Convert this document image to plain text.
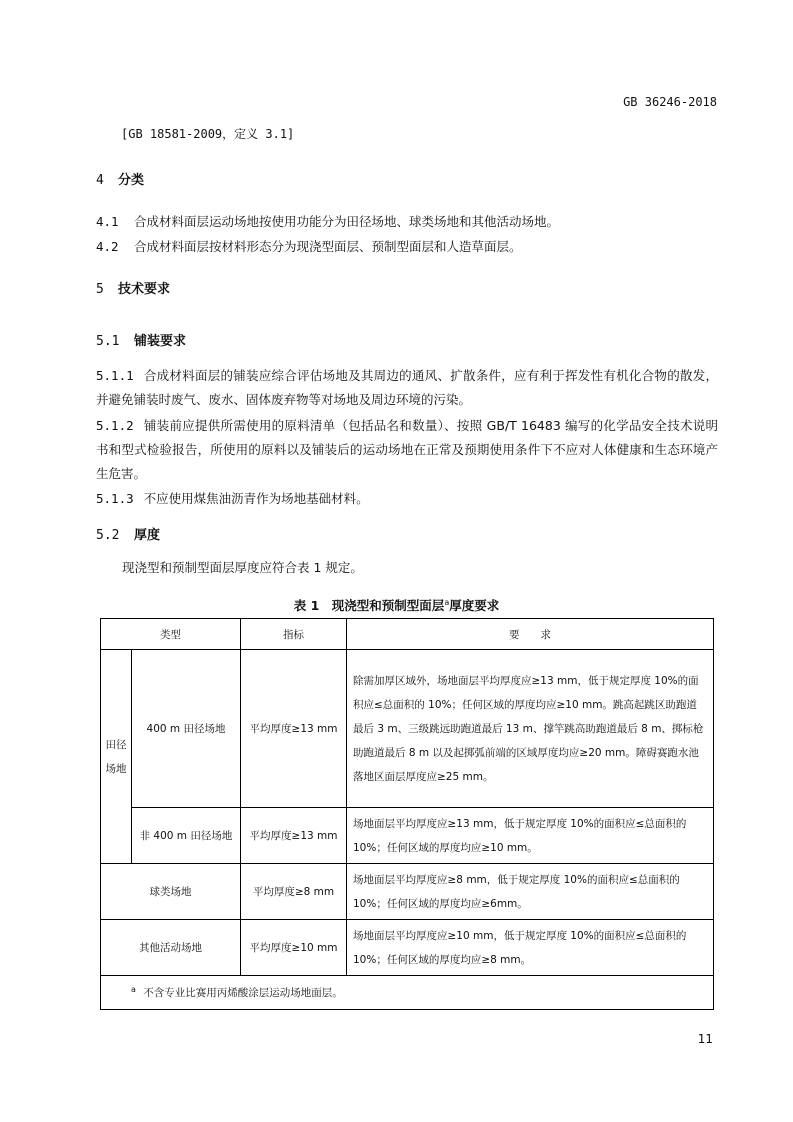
GB 36246-2018
[GB 18581-2009，定义 3.1]
4 分类
4.1 合成材料面层运动场地按使用功能分为田径场地、球类场地和其他活动场地。
4.2 合成材料面层按材料形态分为现浇型面层、预制型面层和人造草面层。
5 技术要求
5.1 铺装要求
5.1.1 合成材料面层的铺装应综合评估场地及其周边的通风、扩散条件，应有利于挥发性有机化合物的散发，并避免铺装时废气、废水、固体废弃物等对场地及周边环境的污染。
5.1.2 铺装前应提供所需使用的原料清单（包括品名和数量）、按照 GB/T 16483 编写的化学品安全技术说明书和型式检验报告，所使用的原料以及铺装后的运动场地在正常及预期使用条件下不应对人体健康和生态环境产生危害。
5.1.3 不应使用煤焦油沥青作为场地基础材料。
5.2 厚度
现浇型和预制型面层厚度应符合表 1 规定。
表 1　现浇型和预制型面层$^a$厚度要求
类型		指标	要　　求
田径场地	400 m 田径场地	平均厚度≥13 mm	除需加厚区域外，场地面层平均厚度应≥13 mm，低于规定厚度 10%的面积应≤总面积的 10%；任何区域的厚度均应≥10 mm。跳高起跳区助跑道最后 3 m、三级跳远助跑道最后 13 m、撑竿跳高助跑道最后 8 m、掷标枪助跑道最后 8 m 以及起掷弧前端的区域厚度均应≥20 mm。障碍赛跑水池落地区面层厚度应≥25 mm。
	非 400 m 田径场地	平均厚度≥13 mm	场地面层平均厚度应≥13 mm，低于规定厚度 10%的面积应≤总面积的 10%；任何区域的厚度均应≥10 mm。
球类场地		平均厚度≥8 mm	场地面层平均厚度应≥8 mm，低于规定厚度 10%的面积应≤总面积的 10%；任何区域的厚度均应≥6mm。
其他活动场地		平均厚度≥10 mm	场地面层平均厚度应≥10 mm，低于规定厚度 10%的面积应≤总面积的 10%；任何区域的厚度均应≥8 mm。
$^a$ 不含专业比赛用丙烯酸涂层运动场地面层。			
11
